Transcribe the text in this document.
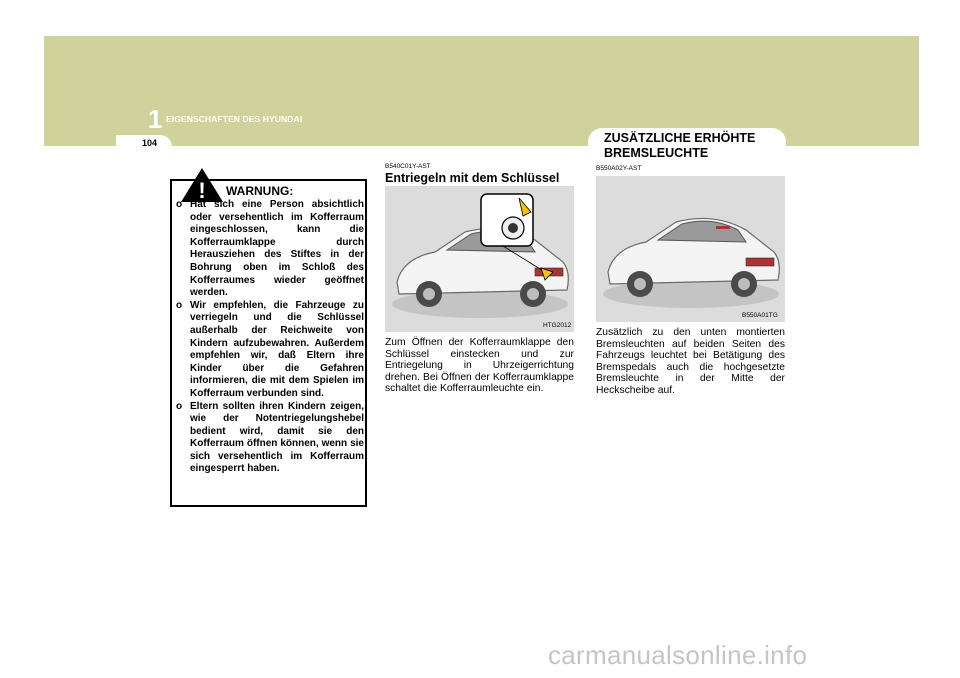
1 EIGENSCHAFTEN DES HYUNDAI
104	ZUSÄTZLICHE ERHÖHTE BREMSLEUCHTE
! WARNUNG:
o Hat sich eine Person absichtlich oder versehentlich im Kofferraum eingeschlossen, kann die Kofferraumklappe durch Herausziehen des Stiftes in der Bohrung oben im Schloß des Kofferraumes wieder geöffnet werden.
o Wir empfehlen, die Fahrzeuge zu verriegeln und die Schlüssel außerhalb der Reichweite von Kindern aufzubewahren. Außerdem empfehlen wir, daß Eltern ihre Kinder über die Gefahren informieren, die mit dem Spielen im Kofferraum verbunden sind.
o Eltern sollten ihren Kindern zeigen, wie der Notentriegelungshebel bedient wird, damit sie den Kofferraum öffnen können, wenn sie sich versehentlich im Kofferraum eingesperrt haben.
B540C01Y-AST
Entriegeln mit dem Schlüssel
HTG2012

Zum Öffnen der Kofferraumklappe den Schlüssel einstecken und zur Entriegelung in Uhrzeigerrichtung drehen. Bei Öffnen der Kofferraumklappe schaltet die Kofferraumleuchte ein.

B550A02Y-AST
B550A01TG

Zusätzlich zu den unten montierten Bremsleuchten auf beiden Seiten des Fahrzeugs leuchtet bei Betätigung des Bremspedals auch die hochgesetzte Bremsleuchte in der Mitte der Heckscheibe auf.

carmanualsonline.info
